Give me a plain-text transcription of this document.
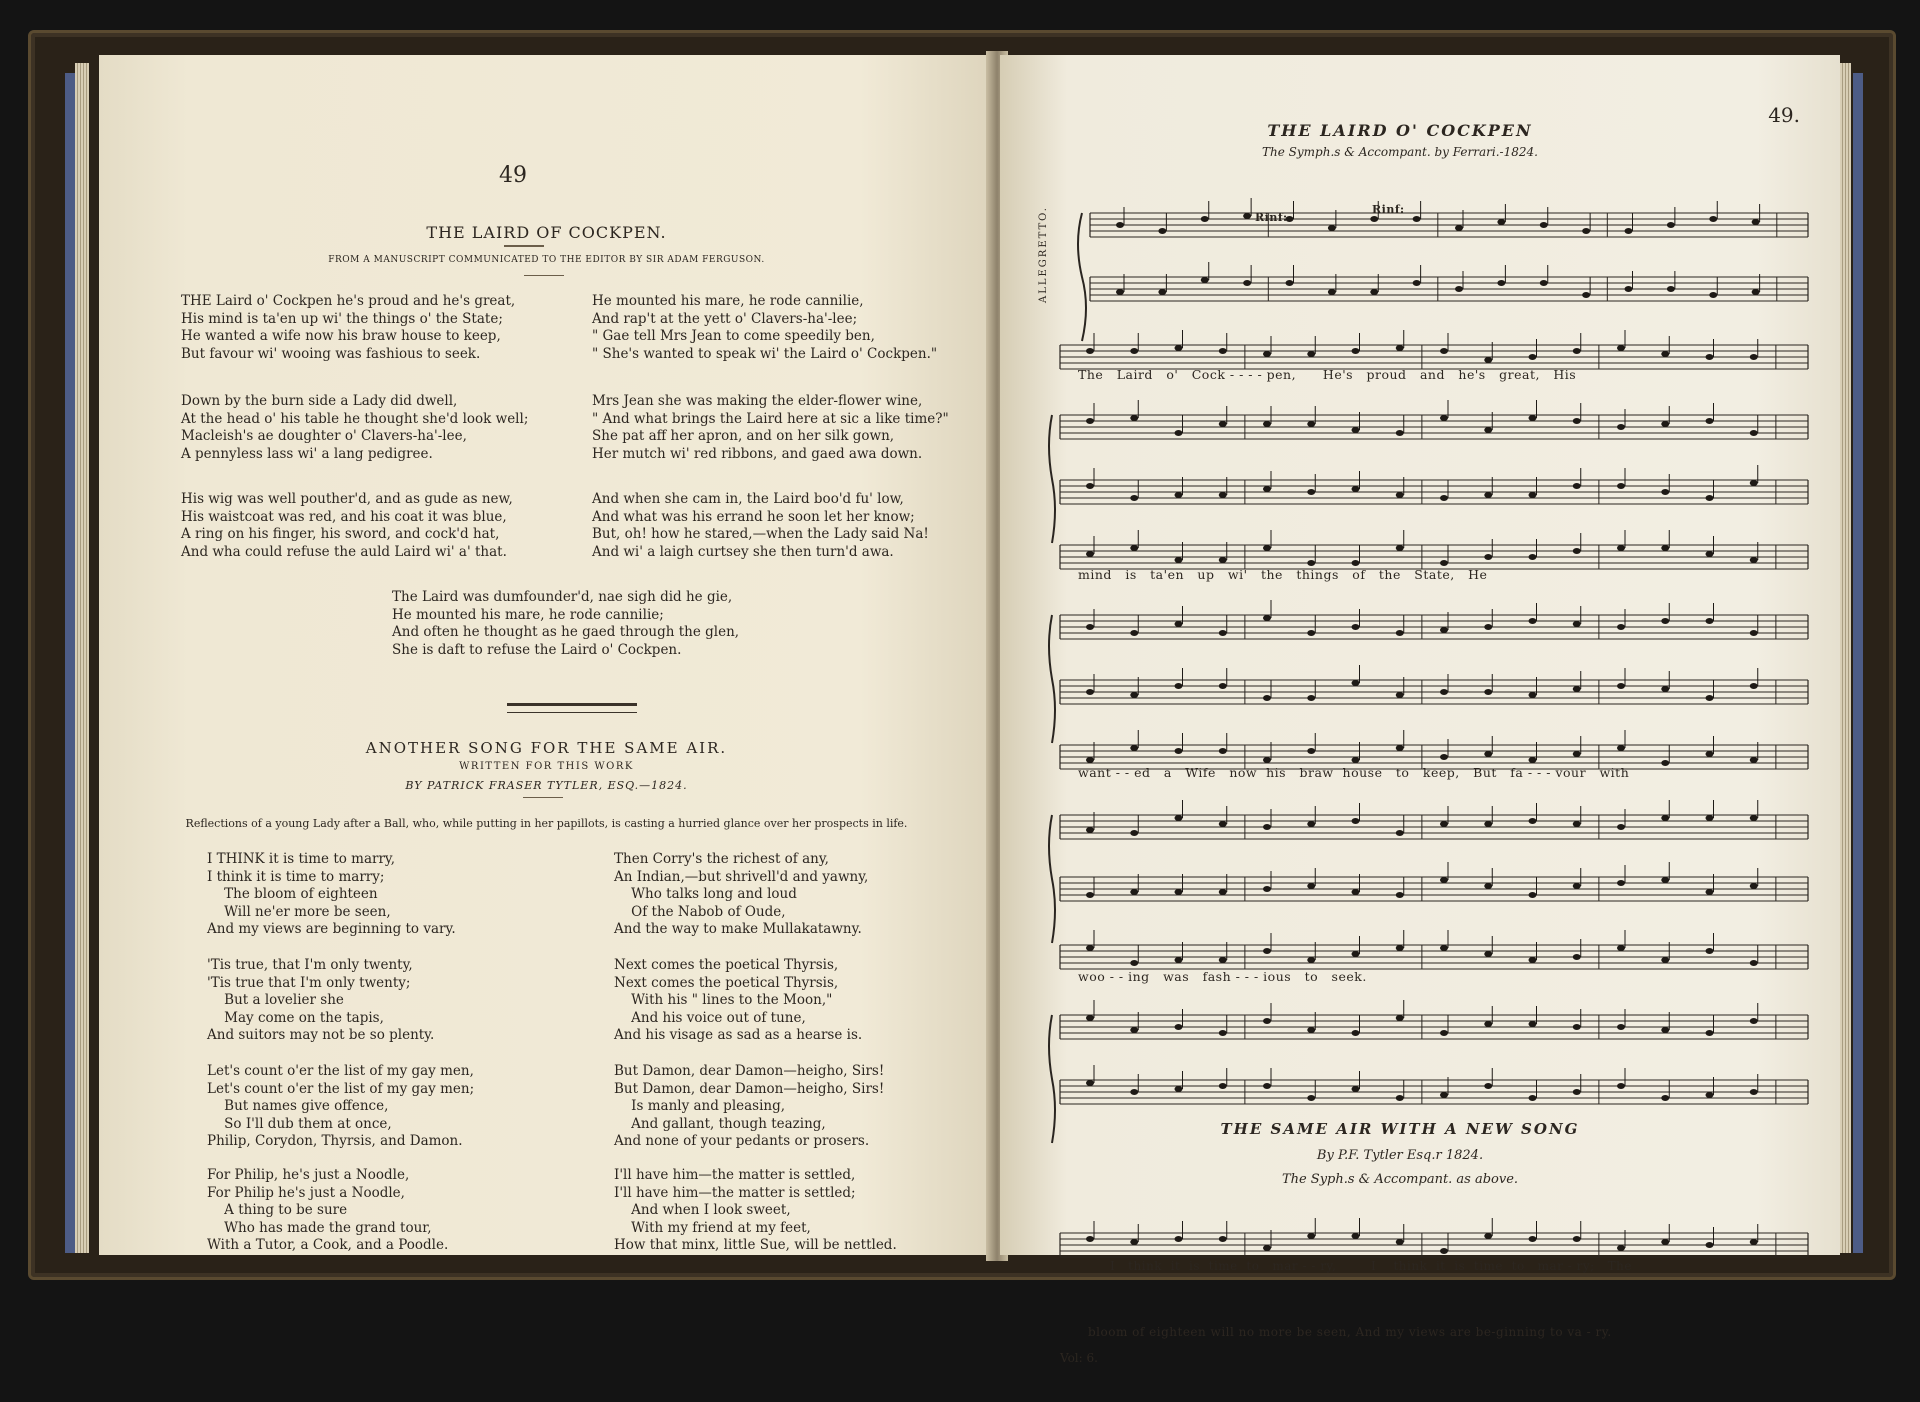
49
THE LAIRD OF COCKPEN.
FROM A MANUSCRIPT COMMUNICATED TO THE EDITOR BY SIR ADAM FERGUSON.
THE Laird o' Cockpen he's proud and he's great,
His mind is ta'en up wi' the things o' the State;
He wanted a wife now his braw house to keep,
But favour wi' wooing was fashious to seek.
Down by the burn side a Lady did dwell,
At the head o' his table he thought she'd look well;
Macleish's ae doughter o' Clavers-ha'-lee,
A pennyless lass wi' a lang pedigree.
His wig was well pouther'd, and as gude as new,
His waistcoat was red, and his coat it was blue,
A ring on his finger, his sword, and cock'd hat,
And wha could refuse the auld Laird wi' a' that.
He mounted his mare, he rode cannilie,
And rap't at the yett o' Clavers-ha'-lee;
" Gae tell Mrs Jean to come speedily ben,
" She's wanted to speak wi' the Laird o' Cockpen."
Mrs Jean she was making the elder-flower wine,
" And what brings the Laird here at sic a like time?"
She pat aff her apron, and on her silk gown,
Her mutch wi' red ribbons, and gaed awa down.
And when she cam in, the Laird boo'd fu' low,
And what was his errand he soon let her know;
But, oh! how he stared,—when the Lady said Na!
And wi' a laigh curtsey she then turn'd awa.
The Laird was dumfounder'd, nae sigh did he gie,
He mounted his mare, he rode cannilie;
And often he thought as he gaed through the glen,
She is daft to refuse the Laird o' Cockpen.
ANOTHER SONG FOR THE SAME AIR.
WRITTEN FOR THIS WORK
BY PATRICK FRASER TYTLER, ESQ.—1824.
Reflections of a young Lady after a Ball, who, while putting in her papillots, is casting a hurried glance over her prospects in life.
I THINK it is time to marry,
I think it is time to marry;
The bloom of eighteen
Will ne'er more be seen,
And my views are beginning to vary.
'Tis true, that I'm only twenty,
'Tis true that I'm only twenty;
But a lovelier she
May come on the tapis,
And suitors may not be so plenty.
Let's count o'er the list of my gay men,
Let's count o'er the list of my gay men;
But names give offence,
So I'll dub them at once,
Philip, Corydon, Thyrsis, and Damon.
For Philip, he's just a Noodle,
For Philip he's just a Noodle,
A thing to be sure
Who has made the grand tour,
With a Tutor, a Cook, and a Poodle.
Then Corry's the richest of any,
An Indian,—but shrivell'd and yawny,
Who talks long and loud
Of the Nabob of Oude,
And the way to make Mullakatawny.
Next comes the poetical Thyrsis,
Next comes the poetical Thyrsis,
With his " lines to the Moon,"
And his voice out of tune,
And his visage as sad as a hearse is.
But Damon, dear Damon—heigho, Sirs!
But Damon, dear Damon—heigho, Sirs!
Is manly and pleasing,
And gallant, though teazing,
And none of your pedants or prosers.
I'll have him—the matter is settled,
I'll have him—the matter is settled;
And when I look sweet,
With my friend at my feet,
How that minx, little Sue, will be nettled.
THE LAIRD O' COCKPEN
The Symph.s & Accompant. by Ferrari.-1824.
49.
ALLEGRETTO.	Rinf:
Rinf:
The   Laird   o'   Cock - - - - pen,      He's   proud   and   he's   great,   His
mind   is   ta'en   up   wi'   the   things   of   the   State,   He
want - - ed   a   Wife   now  his   braw  house   to   keep,   But   fa - - - vour   with
woo - - ing   was   fash - - - ious   to   seek.
THE SAME AIR WITH A NEW SONG
By P.F. Tytler Esq.r 1824.
The Syph.s & Accompant. as above.
I   think  it  is  time  to   mar - - ry,        I    think  it  is  time  to   mar - ry;   The
bloom of eighteen will no more be seen, And my views are be-ginning to va - ry.
Vol: 6.
